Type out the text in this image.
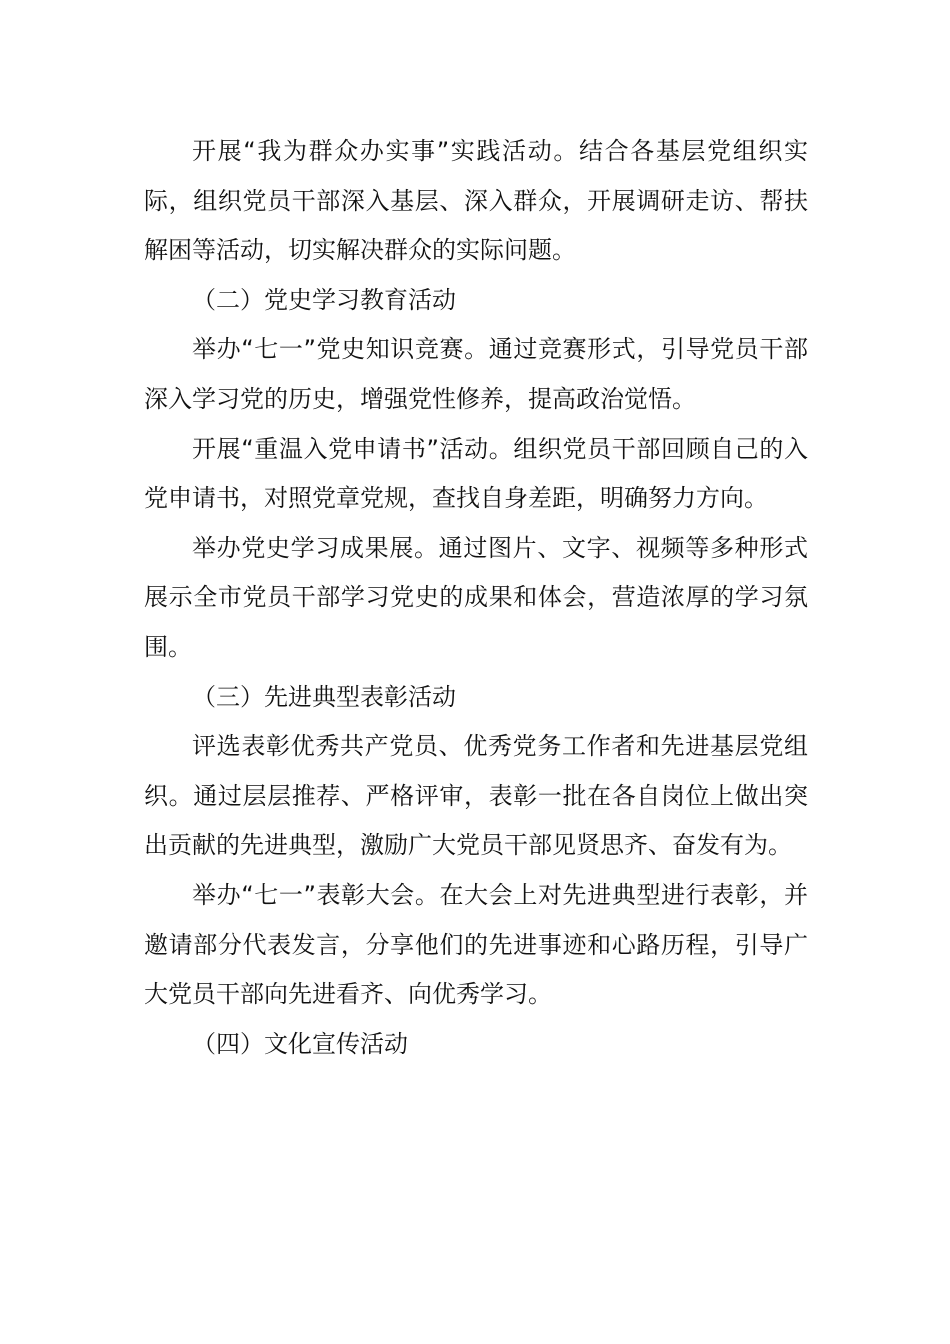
开展“我为群众办实事”实践活动。结合各基层党组织实际，组织党员干部深入基层、深入群众，开展调研走访、帮扶解困等活动，切实解决群众的实际问题。

（二）党史学习教育活动

举办“七一”党史知识竞赛。通过竞赛形式，引导党员干部深入学习党的历史，增强党性修养，提高政治觉悟。

开展“重温入党申请书”活动。组织党员干部回顾自己的入党申请书，对照党章党规，查找自身差距，明确努力方向。

举办党史学习成果展。通过图片、文字、视频等多种形式展示全市党员干部学习党史的成果和体会，营造浓厚的学习氛围。

（三）先进典型表彰活动

评选表彰优秀共产党员、优秀党务工作者和先进基层党组织。通过层层推荐、严格评审，表彰一批在各自岗位上做出突出贡献的先进典型，激励广大党员干部见贤思齐、奋发有为。

举办“七一”表彰大会。在大会上对先进典型进行表彰，并邀请部分代表发言，分享他们的先进事迹和心路历程，引导广大党员干部向先进看齐、向优秀学习。

（四）文化宣传活动
